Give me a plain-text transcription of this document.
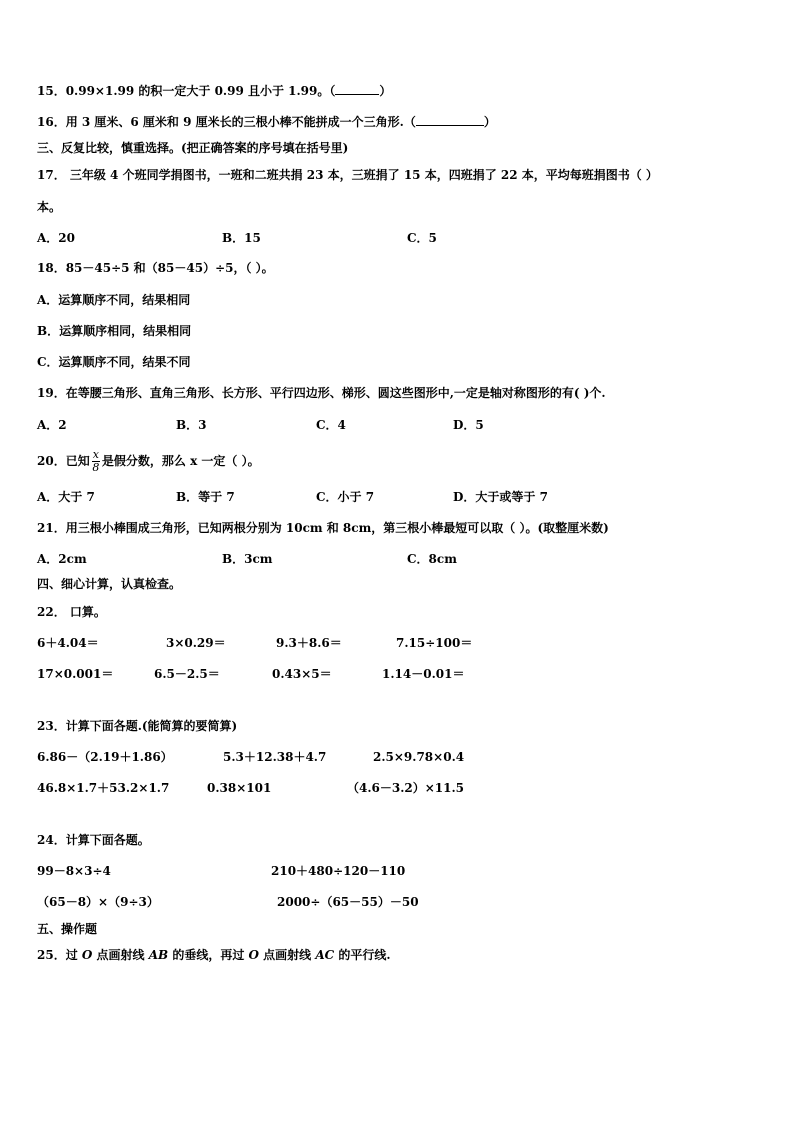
15．0.99×1.99 的积一定大于 0.99 且小于 1.99。（	）
16．用 3 厘米、6 厘米和 9 厘米长的三根小棒不能拼成一个三角形.（	）
三、反复比较，慎重选择。(把正确答案的序号填在括号里)
17． 三年级 4 个班同学捐图书，一班和二班共捐 23 本，三班捐了 15 本，四班捐了 22 本，平均每班捐图书（ ）
本。
A．20	B．15	C．5
18．85－45÷5 和（85－45）÷5，（ ）。
A．运算顺序不同，结果相同
B．运算顺序相同，结果相同
C．运算顺序不同，结果不同
19．在等腰三角形、直角三角形、长方形、平行四边形、梯形、圆这些图形中,一定是轴对称图形的有( )个.
A．2	B．3	C．4	D．5
20．已知 $\frac{x}{8}$ 是假分数，那么 x 一定（ ）。
A．大于 7	B．等于 7	C．小于 7	D．大于或等于 7
21．用三根小棒围成三角形，已知两根分别为 10cm 和 8cm，第三根小棒最短可以取（ ）。(取整厘米数)
A．2cm	B．3cm	C．8cm
四、细心计算，认真检查。
22． 口算。
6＋4.04＝	3×0.29＝	9.3＋8.6＝	7.15÷100＝
17×0.001＝	6.5－2.5＝	0.43×5＝	1.14－0.01＝
23．计算下面各题.(能简算的要简算)
6.86－（2.19＋1.86）	5.3＋12.38＋4.7	2.5×9.78×0.4
46.8×1.7＋53.2×1.7	0.38×101	（4.6－3.2）×11.5
24．计算下面各题。
99－8×3÷4	210＋480÷120－110
（65－8）×（9÷3）	2000÷（65－55）－50
五、操作题
25．过 O 点画射线 AB 的垂线，再过 O 点画射线 AC 的平行线.
